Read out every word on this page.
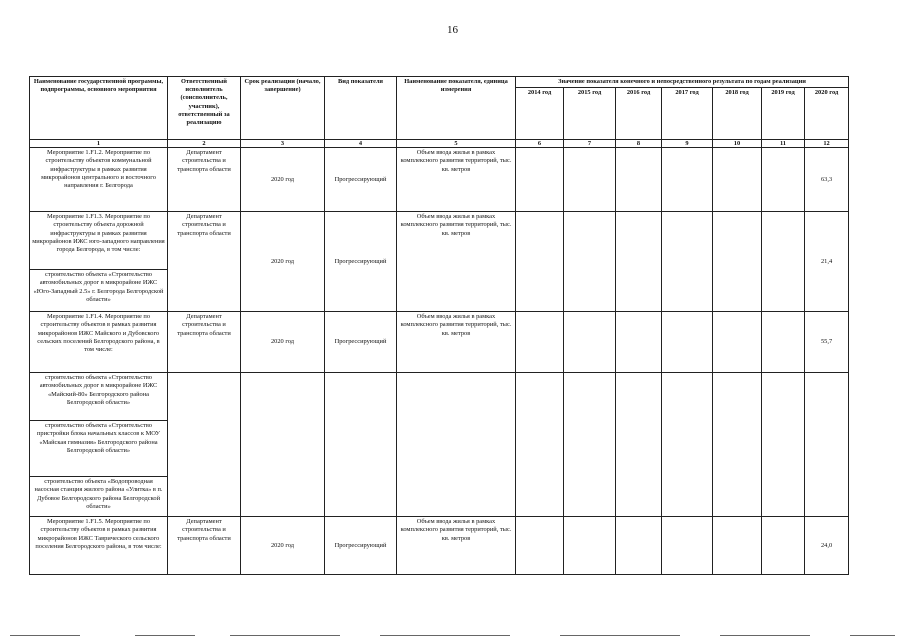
16
Наименование государственной программы, подпрограммы, основного мероприятия	Ответственный исполнитель (соисполнитель, участник), ответственный за реализацию	Срок реализации (начало, завершение)	Вид показателя	Наименование показателя, единица измерения	Значение показателя конечного и непосредственного результата по годам реализации						
					2014 год	2015 год	2016 год	2017 год	2018 год	2019 год	2020 год
1	2	3	4	5	6	7	8	9	10	11	12
Мероприятие 1.F1.2. Мероприятие по строительству объектов коммунальной инфраструктуры в рамках развития микрорайонов центрального и восточного направления г. Белгорода	Департамент строительства и транспорта области	2020 год	Прогрессирующий	Объем ввода жилья в рамках комплексного развития территорий, тыс. кв. метров							63,3
Мероприятие 1.F1.3. Мероприятие по строительству объекта дорожной инфраструктуры в рамках развития микрорайонов ИЖС юго-западного направления города Белгорода, в том числе:	Департамент строительства и транспорта области	2020 год	Прогрессирующий	Объем ввода жилья в рамках комплексного развития территорий, тыс. кв. метров							21,4
строительство объекта «Строительство автомобильных дорог в микрорайоне ИЖС «Юго-Западный 2.5» г. Белгорода Белгородской области»											
Мероприятие 1.F1.4. Мероприятие по строительству объектов в рамках развития микрорайонов ИЖС Майского и Дубовского сельских поселений Белгородского района, в том числе:	Департамент строительства и транспорта области	2020 год	Прогрессирующий	Объем ввода жилья в рамках комплексного развития территорий, тыс. кв. метров							55,7
строительство объекта «Строительство автомобильных дорог в микрорайоне ИЖС «Майский-80» Белгородского района Белгородской области»											
строительство объекта «Строительство пристройки блока начальных классов к МОУ «Майская гимназия» Белгородского района Белгородской области»											
строительство объекта «Водопроводная насосная станция жилого района «Улитка» в п. Дубовое Белгородского района Белгородской области»											
Мероприятие 1.F1.5. Мероприятие по строительству объектов в рамках развития микрорайонов ИЖС Таврического сельского поселения Белгородского района, в том числе:	Департамент строительства и транспорта области	2020 год	Прогрессирующий	Объем ввода жилья в рамках комплексного развития территорий, тыс. кв. метров							24,0
